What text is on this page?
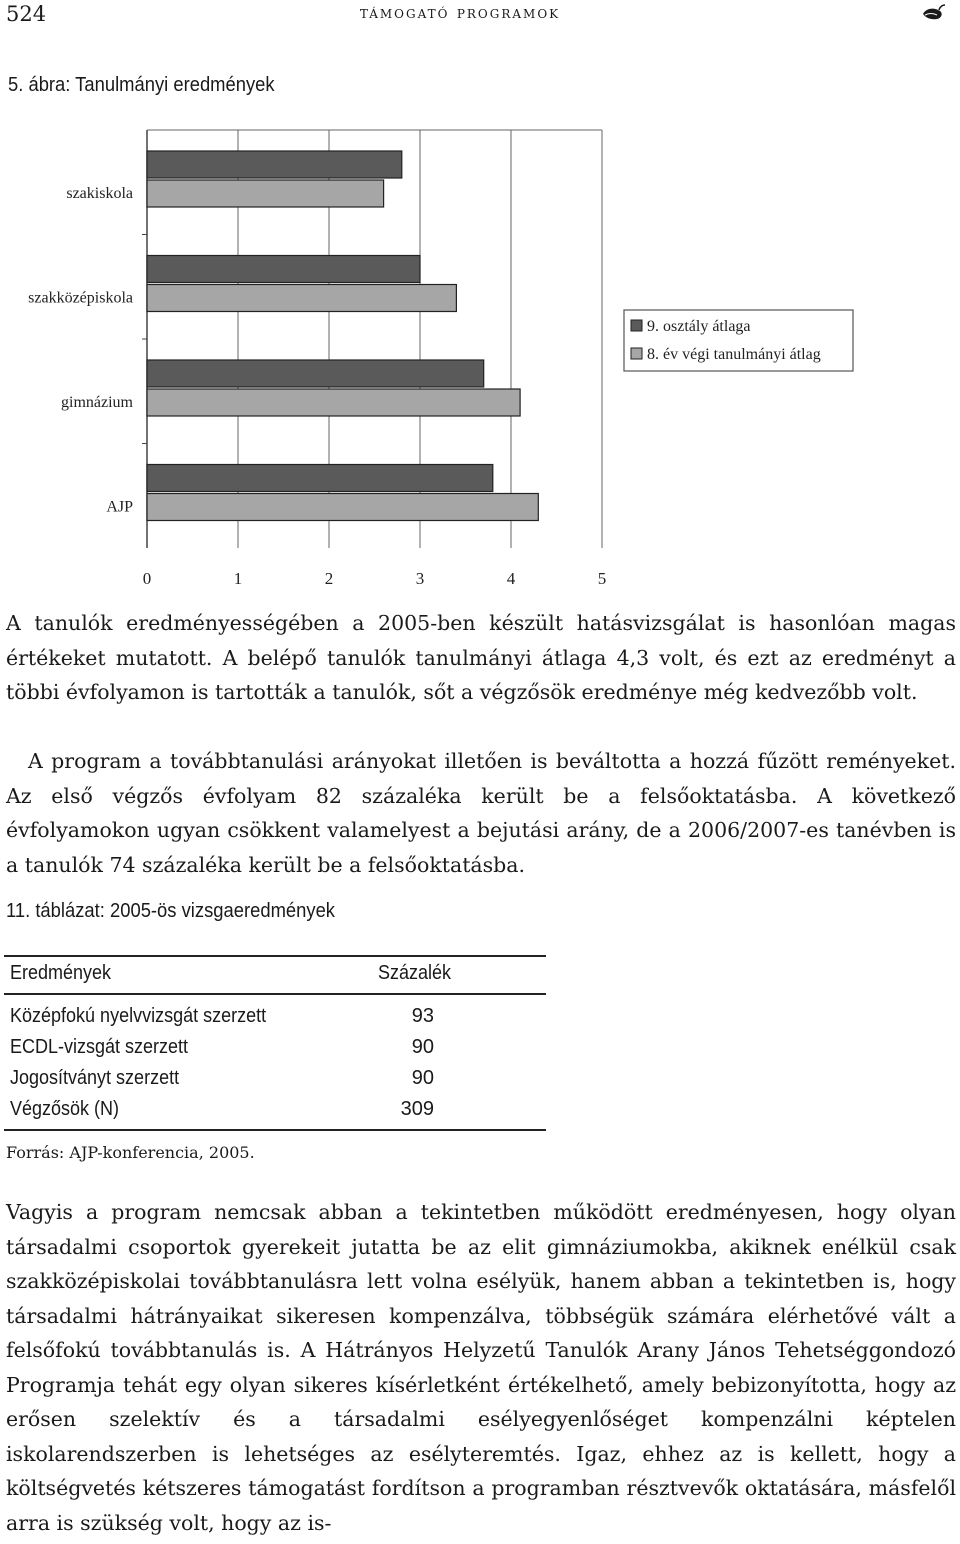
524	támogató programok
5. ábra: Tanulmányi eredmények
0	1	2	3	4	5
szakiskola
szakközépiskola
gimnázium
AJP
9. osztály átlaga
8. év végi tanulmányi átlag

A tanulók eredményességében a 2005-ben készült hatásvizsgálat is hasonlóan magas értékeket mutatott. A belépő tanulók tanulmányi átlaga 4,3 volt, és ezt az eredményt a többi évfolyamon is tartották a tanulók, sőt a végzősök eredménye még kedvezőbb volt.

A program a továbbtanulási arányokat illetően is beváltotta a hozzá fűzött reményeket. Az első végzős évfolyam 82 százaléka került be a felsőoktatásba. A következő évfolyamokon ugyan csökkent valamelyest a bejutási arány, de a 2006/2007-es tanévben is a tanulók 74 százaléka került be a felsőoktatásba.

11. táblázat: 2005-ös vizsgaeredmények
Eredmények	Százalék
Középfokú nyelvvizsgát szerzett	93
ECDL-vizsgát szerzett	90
Jogosítványt szerzett	90
Végzősök (N)	309
Forrás: AJP-konferencia, 2005.

Vagyis a program nemcsak abban a tekintetben működött eredményesen, hogy olyan társadalmi csoportok gyerekeit jutatta be az elit gimnáziumokba, akiknek enélkül csak szakközépiskolai továbbtanulásra lett volna esélyük, hanem abban a tekintetben is, hogy társadalmi hátrányaikat sikeresen kompenzálva, többségük számára elérhetővé vált a felsőfokú továbbtanulás is. A Hátrányos Helyzetű Tanulók Arany János Tehetséggondozó Programja tehát egy olyan sikeres kísérletként értékelhető, amely bebizonyította, hogy az erősen szelektív és a társadalmi esélyegyenlőséget kompenzálni képtelen iskolarendszerben is lehetséges az esélyteremtés. Igaz, ehhez az is kellett, hogy a költségvetés kétszeres támogatást fordítson a programban résztvevők oktatására, másfelől arra is szükség volt, hogy az is-
